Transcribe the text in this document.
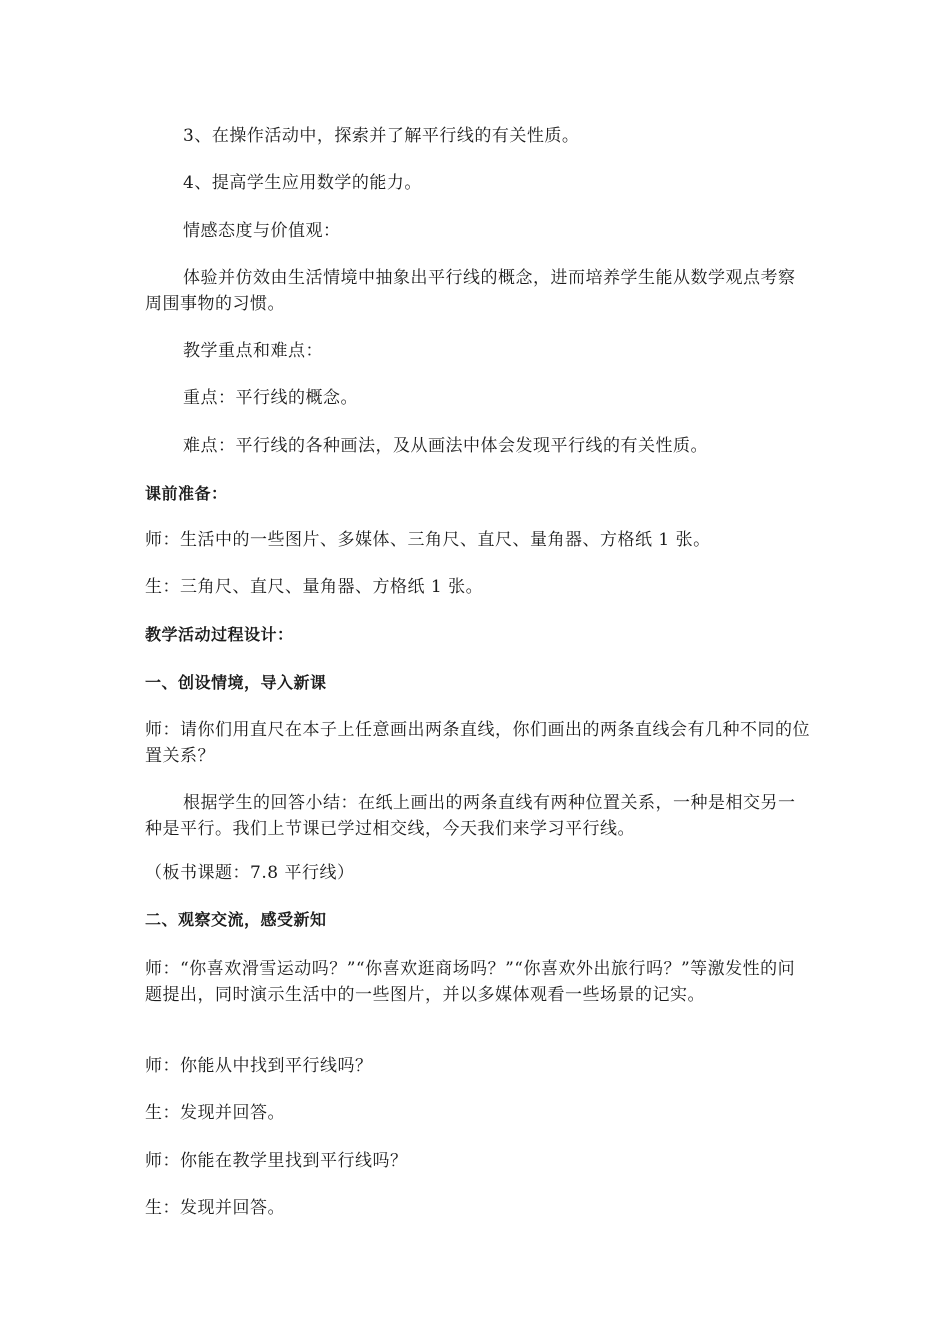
3、在操作活动中，探索并了解平行线的有关性质。

4、提高学生应用数学的能力。

情感态度与价值观：

体验并仿效由生活情境中抽象出平行线的概念，进而培养学生能从数学观点考察周围事物的习惯。

教学重点和难点：

重点：平行线的概念。

难点：平行线的各种画法，及从画法中体会发现平行线的有关性质。

课前准备：

师：生活中的一些图片、多媒体、三角尺、直尺、量角器、方格纸 1 张。

生：三角尺、直尺、量角器、方格纸 1 张。

教学活动过程设计：

一、创设情境，导入新课

师：请你们用直尺在本子上任意画出两条直线，你们画出的两条直线会有几种不同的位置关系？

根据学生的回答小结：在纸上画出的两条直线有两种位置关系，一种是相交另一种是平行。我们上节课已学过相交线，今天我们来学习平行线。

（板书课题：7.8 平行线）

二、观察交流，感受新知

师：“你喜欢滑雪运动吗？”“你喜欢逛商场吗？”“你喜欢外出旅行吗？”等激发性的问题提出，同时演示生活中的一些图片，并以多媒体观看一些场景的记实。

师：你能从中找到平行线吗？

生：发现并回答。

师：你能在教学里找到平行线吗？

生：发现并回答。
